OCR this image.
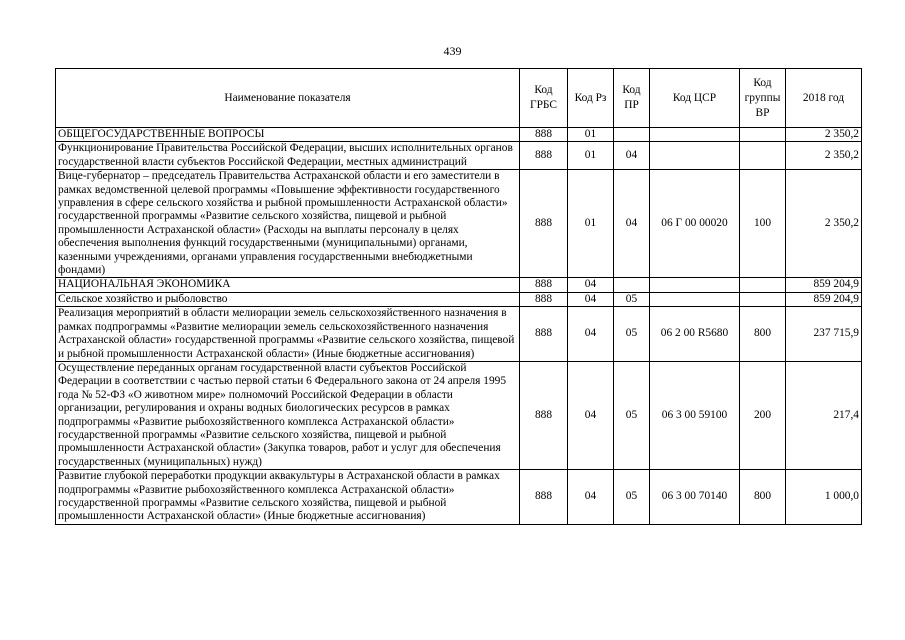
439
Наименование показателя	Код ГРБС	Код Рз	Код ПР	Код ЦСР	Код группы ВР	2018 год
ОБЩЕГОСУДАРСТВЕННЫЕ ВОПРОСЫ	888	01				2 350,2
Функционирование Правительства Российской Федерации, высших исполнительных органов государственной власти субъектов Российской Федерации, местных администраций	888	01	04			2 350,2
Вице-губернатор – председатель Правительства Астраханской области и его заместители в рамках ведомственной целевой программы «Повышение эффективности государственного управления в сфере сельского хозяйства и рыбной промышленности Астраханской области» государственной программы «Развитие сельского хозяйства, пищевой и рыбной промышленности Астраханской области» (Расходы на выплаты персоналу в целях обеспечения выполнения функций государственными (муниципальными) органами, казенными учреждениями, органами управления государственными внебюджетными фондами)	888	01	04	06 Г 00 00020	100	2 350,2
НАЦИОНАЛЬНАЯ ЭКОНОМИКА	888	04				859 204,9
Сельское хозяйство и рыболовство	888	04	05			859 204,9
Реализация мероприятий в области мелиорации земель сельскохозяйственного назначения в рамках подпрограммы «Развитие мелиорации земель сельскохозяйственного назначения Астраханской области» государственной программы «Развитие сельского хозяйства, пищевой и рыбной промышленности Астраханской области» (Иные бюджетные ассигнования)	888	04	05	06 2 00 R5680	800	237 715,9
Осуществление переданных органам государственной власти субъектов Российской Федерации в соответствии с частью первой статьи 6 Федерального закона от 24 апреля 1995 года № 52-ФЗ «О животном мире» полномочий Российской Федерации в области организации, регулирования и охраны водных биологических ресурсов в рамках подпрограммы «Развитие рыбохозяйственного комплекса Астраханской области» государственной программы «Развитие сельского хозяйства, пищевой и рыбной промышленности Астраханской области» (Закупка товаров, работ и услуг для обеспечения государственных (муниципальных) нужд)	888	04	05	06 3 00 59100	200	217,4
Развитие глубокой переработки продукции аквакультуры в Астраханской области в рамках подпрограммы «Развитие рыбохозяйственного комплекса Астраханской области» государственной программы «Развитие сельского хозяйства, пищевой и рыбной промышленности Астраханской области» (Иные бюджетные ассигнования)	888	04	05	06 3 00 70140	800	1 000,0
